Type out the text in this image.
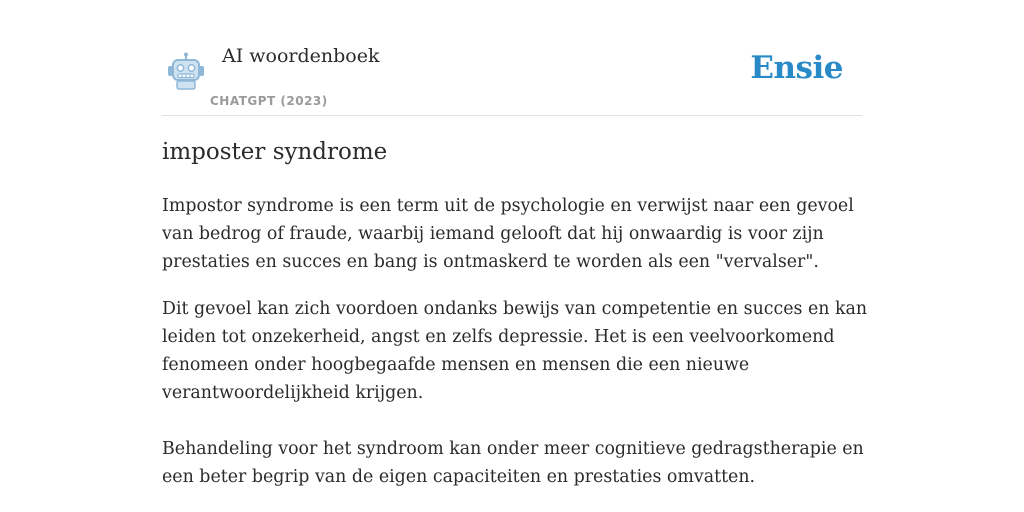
AI woordenboek
CHATGPT (2023)
Ensie
imposter syndrome

Impostor syndrome is een term uit de psychologie en verwijst naar een gevoel van bedrog of fraude, waarbij iemand gelooft dat hij onwaardig is voor zijn prestaties en succes en bang is ontmaskerd te worden als een "vervalser".

Dit gevoel kan zich voordoen ondanks bewijs van competentie en succes en kan leiden tot onzekerheid, angst en zelfs depressie. Het is een veelvoorkomend fenomeen onder hoogbegaafde mensen en mensen die een nieuwe verantwoordelijkheid krijgen.

Behandeling voor het syndroom kan onder meer cognitieve gedragstherapie en een beter begrip van de eigen capaciteiten en prestaties omvatten.
